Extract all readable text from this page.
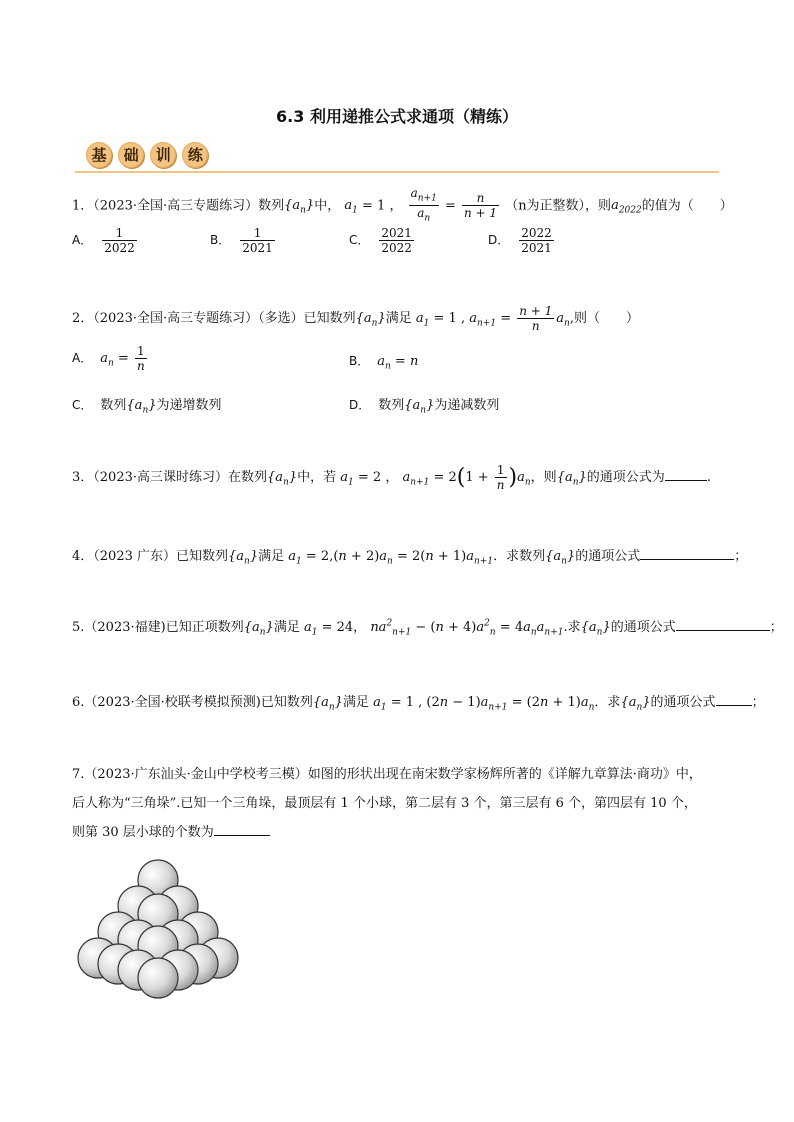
6.3 利用递推公式求通项（精练）
基 础 训 练
1．（2023·全国·高三专题练习）数列$\{a_n\}$中， $a_1 = 1$ ， $\frac{a_{n+1}}{a_n} = \frac{n}{n + 1} (n$为正整数），则$a_{2022}$的值为（　　）
A． $\frac{1}{2022}$	B． $\frac{1}{2021}$	C． $\frac{2021}{2022}$	D． $\frac{2022}{2021}$
2．（2023·全国·高三专题练习）（多选）已知数列$\{a_n\}$满足 $a_1 = 1$ , $a_{n+1} = \frac{n + 1}{n} a_n$,则（　　）
A． $a_n = \frac{1}{n}$	B． $a_n = n$
C． 数列$\{a_n\}$为递增数列	D． 数列$\{a_n\}$为递减数列
3．（2023·高三课时练习）在数列$\{a_n\}$中，若 $a_1 = 2$ ， $a_{n+1} = 2(1 + \frac{1}{n} )a_n$，则$\{a_n\}$的通项公式为	.
4．（2023 广东）已知数列$\{a_n\}$满足 $a_1 = 2,(n + 2)a_n = 2(n + 1)a_{n+1}$．求数列$\{a_n\}$的通项公式	；
5.（2023·福建)已知正项数列$\{a_n\}$满足 $a_1 = 24$， $na^2_{n+1} - (n + 4)a^2_n = 4a_na_{n+1}$.求$\{a_n\}$的通项公式	；
6.（2023·全国·校联考模拟预测)已知数列$\{a_n\}$满足 $a_1 = 1$ , $(2n - 1)a_{n+1} = (2n + 1)a_n$．求$\{a_n\}$的通项公式	；
7.（2023·广东汕头·金山中学校考三模）如图的形状出现在南宋数学家杨辉所著的《详解九章算法·商功》中，
后人称为“三角垛”.已知一个三角垛，最顶层有 1 个小球，第二层有 3 个，第三层有 6 个，第四层有 10 个，
则第 30 层小球的个数为
